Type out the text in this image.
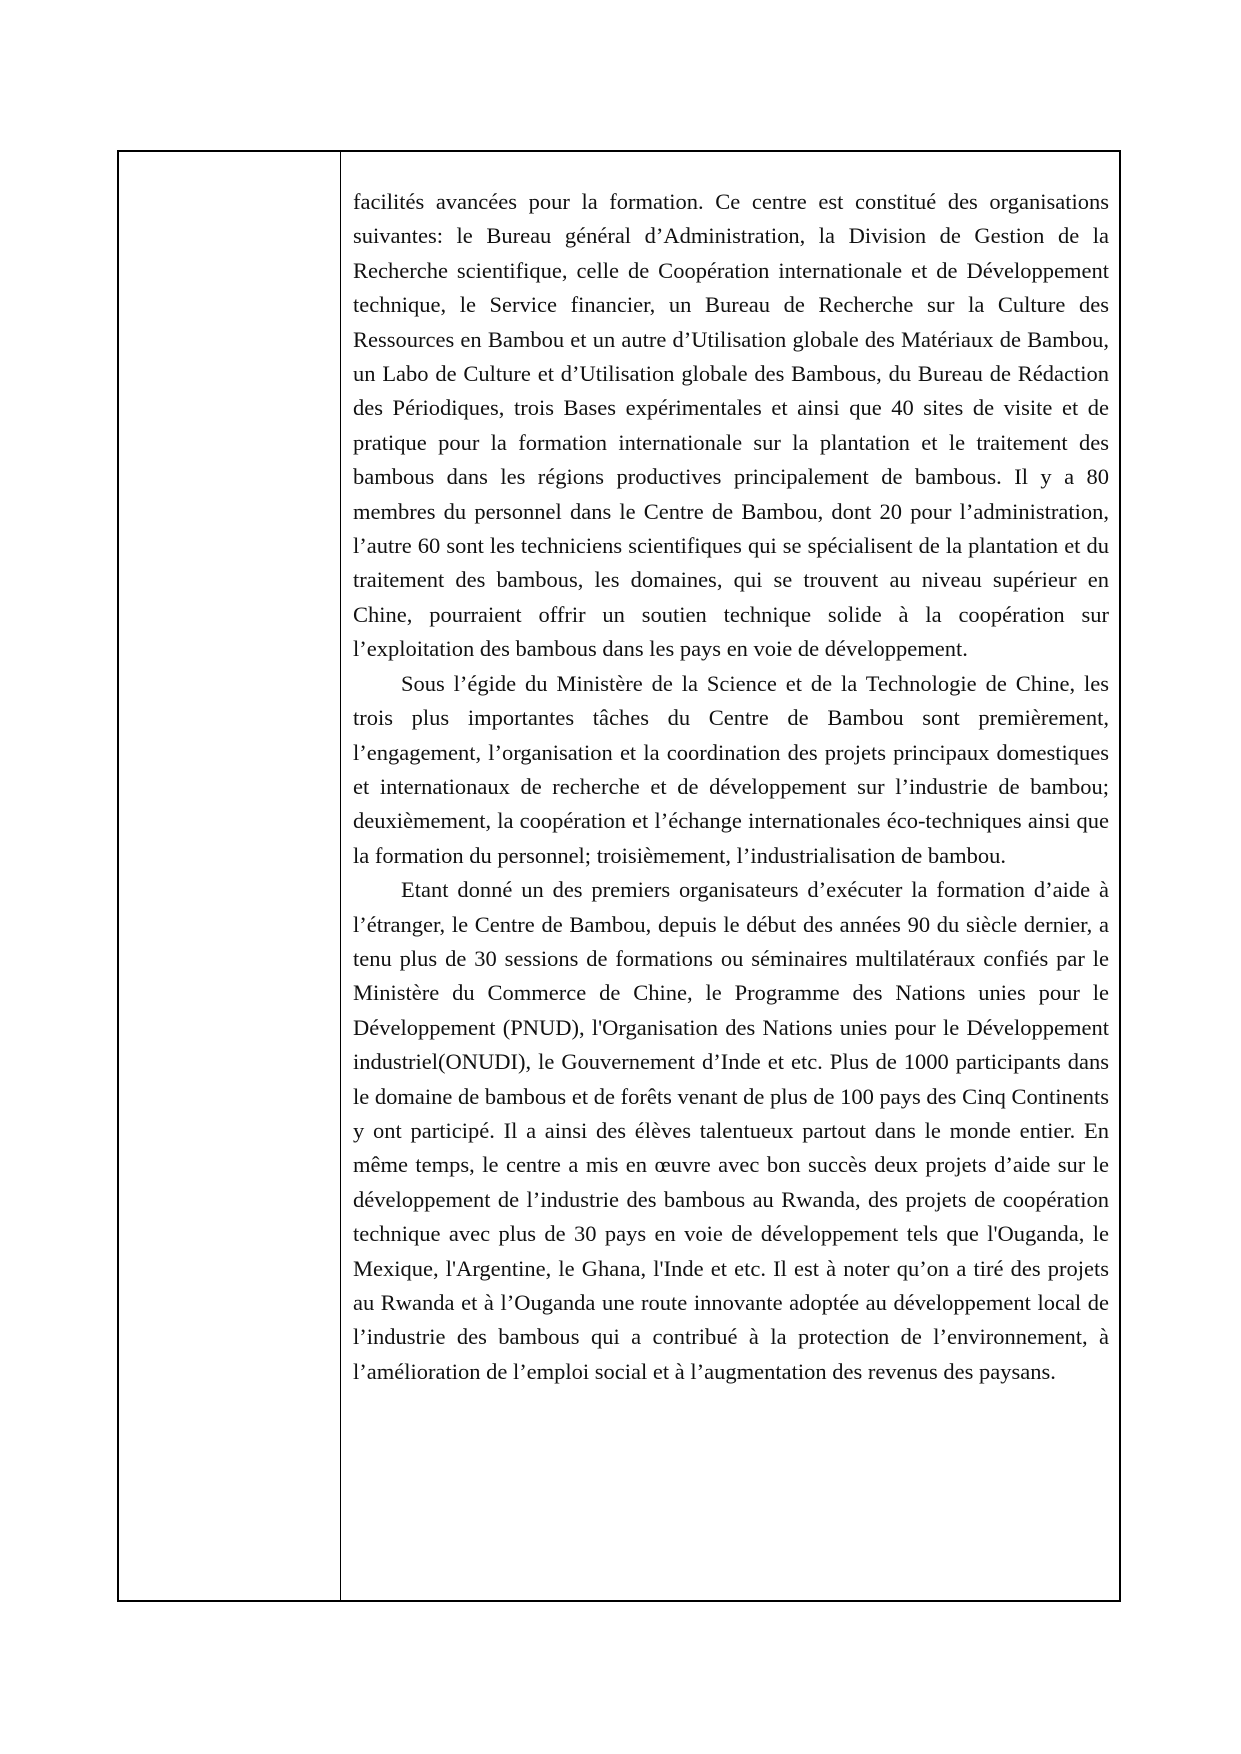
facilités avancées pour la formation. Ce centre est constitué des organisations suivantes: le Bureau général d’Administration, la Division de Gestion de la Recherche scientifique, celle de Coopération internationale et de Développement technique, le Service financier, un Bureau de Recherche sur la Culture des Ressources en Bambou et un autre d’Utilisation globale des Matériaux de Bambou, un Labo de Culture et d’Utilisation globale des Bambous, du Bureau de Rédaction des Périodiques, trois Bases expérimentales et ainsi que 40 sites de visite et de pratique pour la formation internationale sur la plantation et le traitement des bambous dans les régions productives principalement de bambous. Il y a 80 membres du personnel dans le Centre de Bambou, dont 20 pour l’administration, l’autre 60 sont les techniciens scientifiques qui se spécialisent de la plantation et du traitement des bambous, les domaines, qui se trouvent au niveau supérieur en Chine, pourraient offrir un soutien technique solide à la coopération sur l’exploitation des bambous dans les pays en voie de développement.

Sous l’égide du Ministère de la Science et de la Technologie de Chine, les trois plus importantes tâches du Centre de Bambou sont premièrement, l’engagement, l’organisation et la coordination des projets principaux domestiques et internationaux de recherche et de développement sur l’industrie de bambou; deuxièmement, la coopération et l’échange internationales éco-techniques ainsi que la formation du personnel; troisièmement, l’industrialisation de bambou.

Etant donné un des premiers organisateurs d’exécuter la formation d’aide à l’étranger, le Centre de Bambou, depuis le début des années 90 du siècle dernier, a tenu plus de 30 sessions de formations ou séminaires multilatéraux confiés par le Ministère du Commerce de Chine, le Programme des Nations unies pour le Développement (PNUD), l'Organisation des Nations unies pour le Développement industriel(ONUDI), le Gouvernement d’Inde et etc. Plus de 1000 participants dans le domaine de bambous et de forêts venant de plus de 100 pays des Cinq Continents y ont participé. Il a ainsi des élèves talentueux partout dans le monde entier. En même temps, le centre a mis en œuvre avec bon succès deux projets d’aide sur le développement de l’industrie des bambous au Rwanda, des projets de coopération technique avec plus de 30 pays en voie de développement tels que l'Ouganda, le Mexique, l'Argentine, le Ghana, l'Inde et etc. Il est à noter qu’on a tiré des projets au Rwanda et à l’Ouganda une route innovante adoptée au développement local de l’industrie des bambous qui a contribué à la protection de l’environnement, à l’amélioration de l’emploi social et à l’augmentation des revenus des paysans.
